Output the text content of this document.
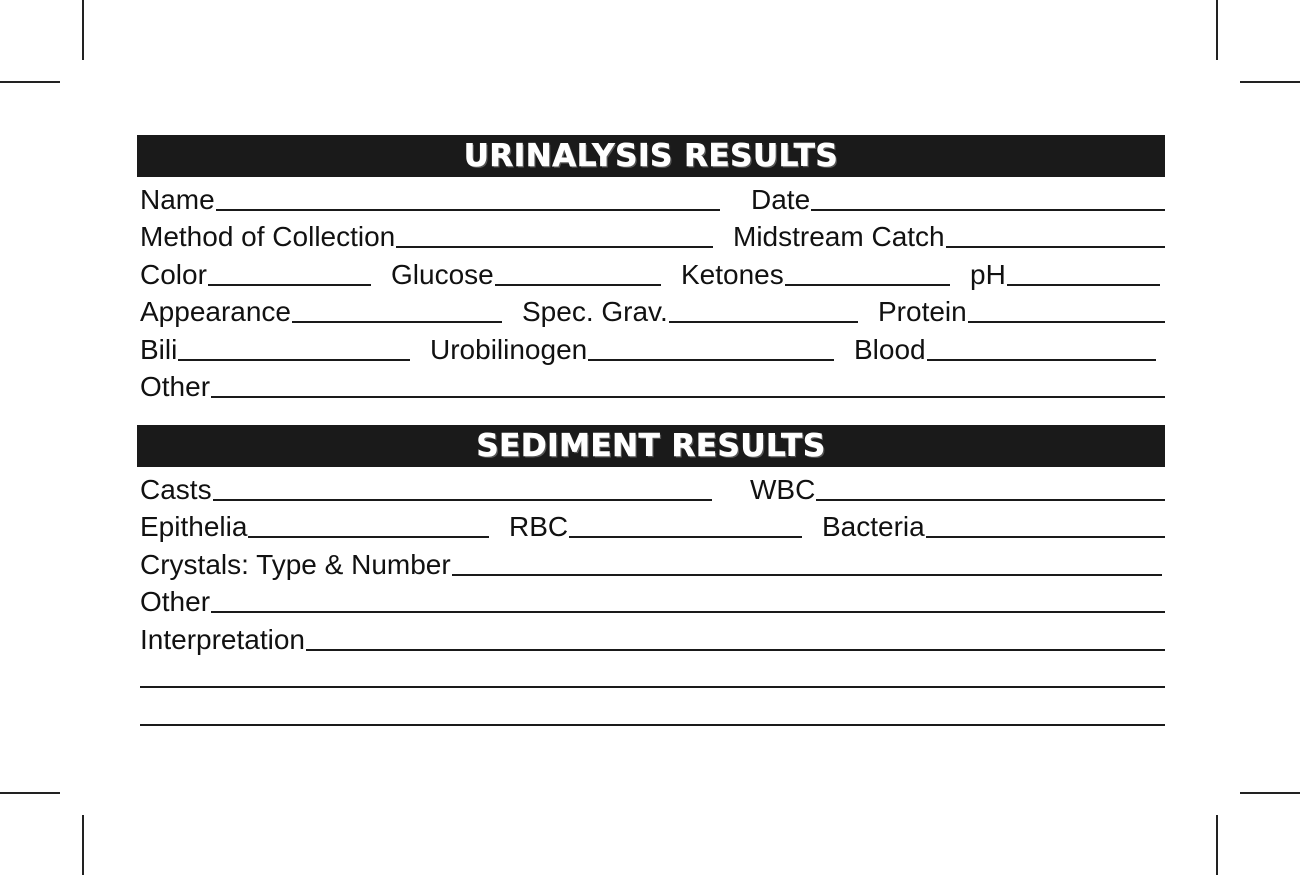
URINALYSIS RESULTS
Name	Date
Method of Collection	Midstream Catch
Color	Glucose	Ketones	pH
Appearance	Spec. Grav.	Protein
Bili	Urobilinogen	Blood
Other
SEDIMENT RESULTS
Casts	WBC
Epithelia	RBC	Bacteria
Crystals: Type & Number
Other
Interpretation
